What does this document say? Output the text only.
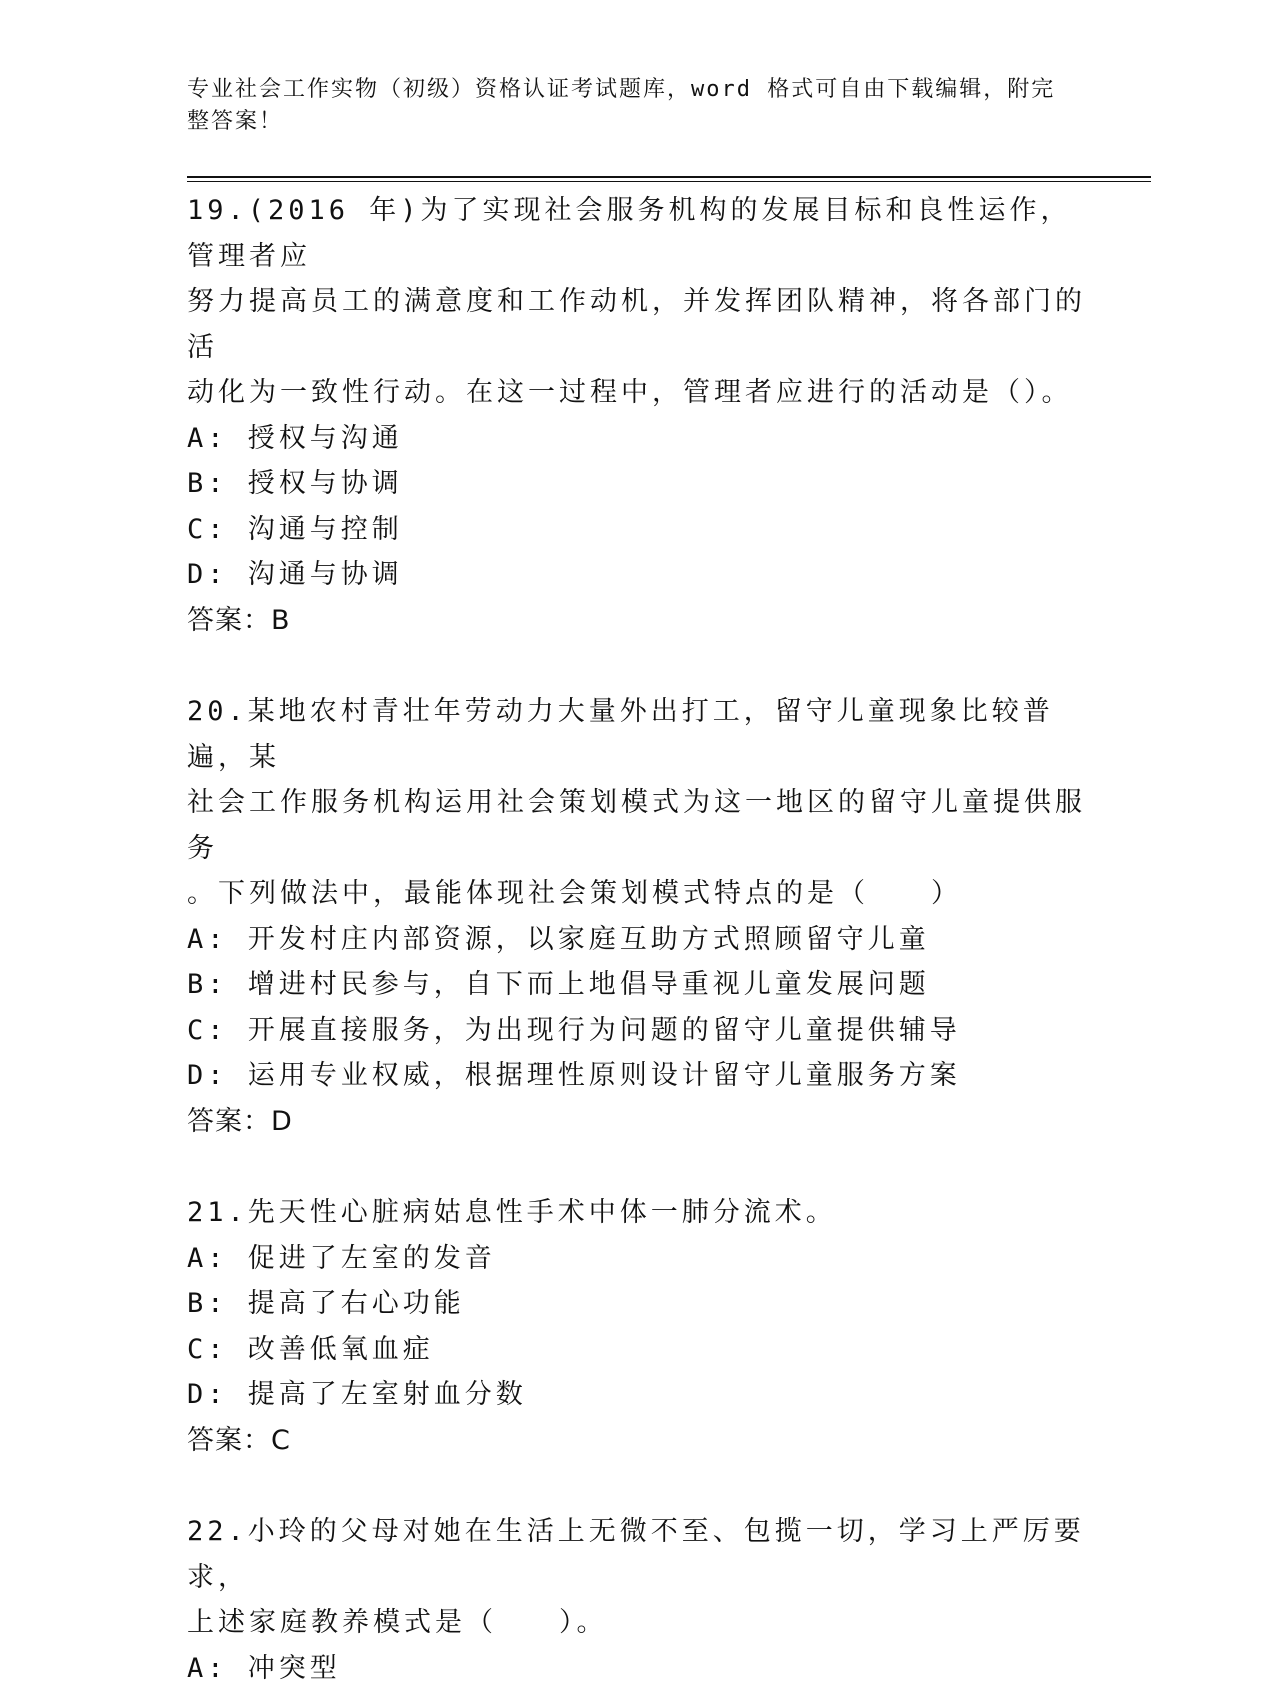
专业社会工作实物（初级）资格认证考试题库，word 格式可自由下载编辑，附完
整答案！
19.(2016 年)为了实现社会服务机构的发展目标和良性运作，管理者应
努力提高员工的满意度和工作动机，并发挥团队精神，将各部门的活
动化为一致性行动。在这一过程中，管理者应进行的活动是（）。
A: 授权与沟通
B: 授权与协调
C: 沟通与控制
D: 沟通与协调
答案：B
20.某地农村青壮年劳动力大量外出打工，留守儿童现象比较普遍，某
社会工作服务机构运用社会策划模式为这一地区的留守儿童提供服务
。下列做法中，最能体现社会策划模式特点的是（　　）
A: 开发村庄内部资源，以家庭互助方式照顾留守儿童
B: 增进村民参与，自下而上地倡导重视儿童发展问题
C: 开展直接服务，为出现行为问题的留守儿童提供辅导
D: 运用专业权威，根据理性原则设计留守儿童服务方案
答案：D
21.先天性心脏病姑息性手术中体一肺分流术。
A: 促进了左室的发音
B: 提高了右心功能
C: 改善低氧血症
D: 提高了左室射血分数
答案：C
22.小玲的父母对她在生活上无微不至、包揽一切，学习上严厉要求，
上述家庭教养模式是（　　）。
A: 冲突型
